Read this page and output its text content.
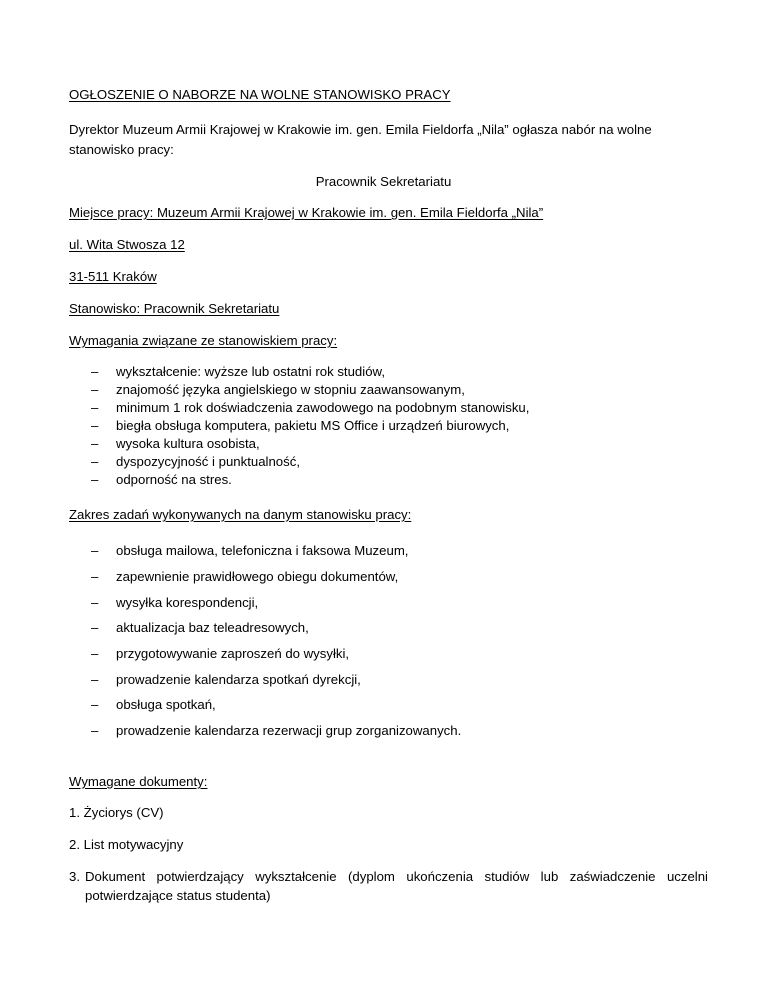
OGŁOSZENIE O NABORZE NA WOLNE STANOWISKO PRACY
Dyrektor Muzeum Armii Krajowej w Krakowie im. gen. Emila Fieldorfa „Nila” ogłasza nabór na wolne
stanowisko pracy:
Pracownik Sekretariatu
Miejsce pracy: Muzeum Armii Krajowej w Krakowie im. gen. Emila Fieldorfa „Nila”
ul. Wita Stwosza 12
31-511 Kraków
Stanowisko: Pracownik Sekretariatu
Wymagania związane ze stanowiskiem pracy:
– wykształcenie: wyższe lub ostatni rok studiów,
– znajomość języka angielskiego w stopniu zaawansowanym,
– minimum 1 rok doświadczenia zawodowego na podobnym stanowisku,
– biegła obsługa komputera, pakietu MS Office i urządzeń biurowych,
– wysoka kultura osobista,
– dyspozycyjność i punktualność,
– odporność na stres.
Zakres zadań wykonywanych na danym stanowisku pracy:
– obsługa mailowa, telefoniczna i faksowa Muzeum,
– zapewnienie prawidłowego obiegu dokumentów,
– wysyłka korespondencji,
– aktualizacja baz teleadresowych,
– przygotowywanie zaproszeń do wysyłki,
– prowadzenie kalendarza spotkań dyrekcji,
– obsługa spotkań,
– prowadzenie kalendarza rezerwacji grup zorganizowanych.
Wymagane dokumenty:
1. Życiorys (CV)
2. List motywacyjny
3. Dokument potwierdzający wykształcenie (dyplom ukończenia studiów lub zaświadczenie uczelni
potwierdzające status studenta)
